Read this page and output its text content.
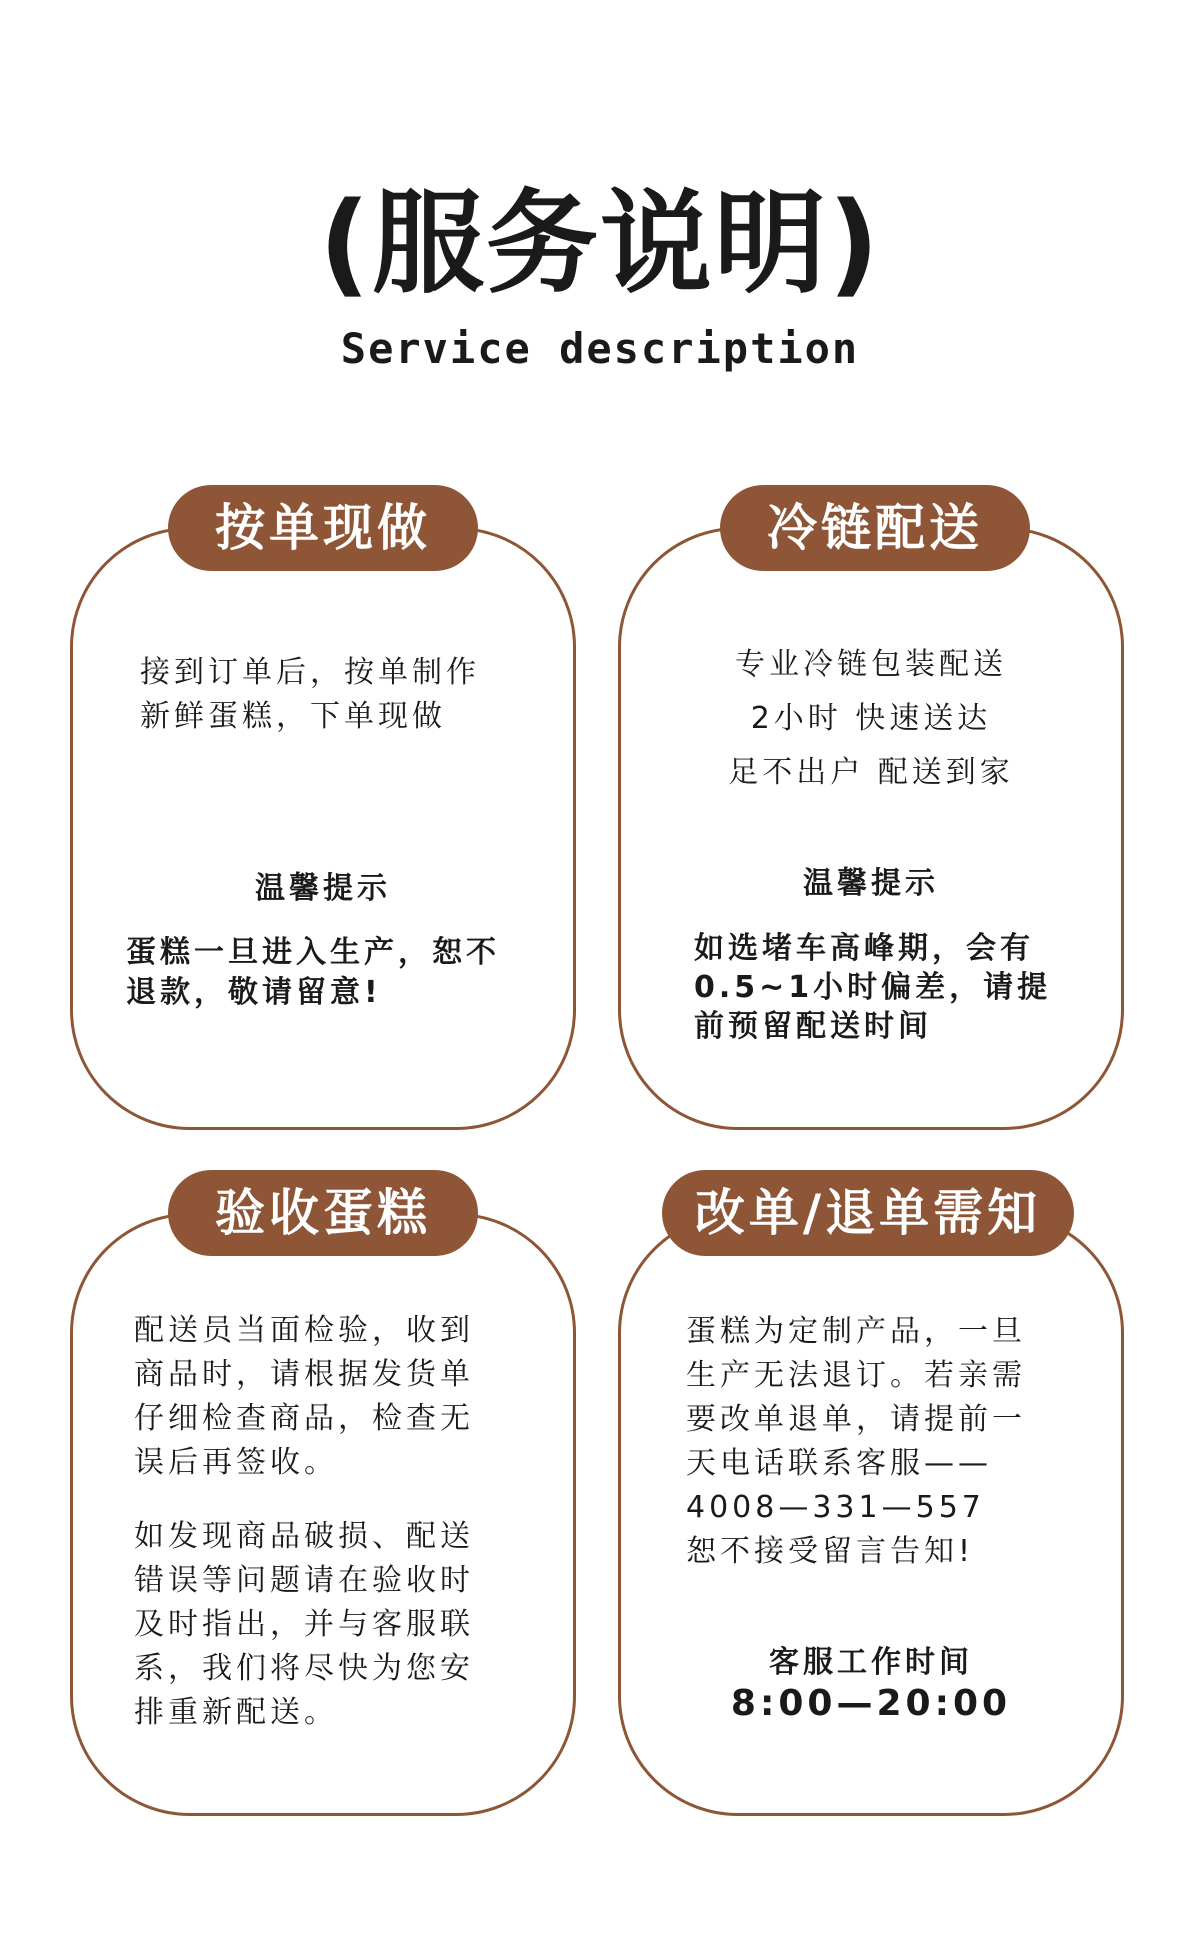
(服务说明)
Service description
按单现做
接到订单后，按单制作
新鲜蛋糕，下单现做
温馨提示
蛋糕一旦进入生产，恕不
退款，敬请留意!
冷链配送
专业冷链包装配送
2小时 快速送达
足不出户 配送到家
温馨提示
如选堵车高峰期，会有
0.5~1小时偏差，请提
前预留配送时间
验收蛋糕
配送员当面检验，收到
商品时，请根据发货单
仔细检查商品，检查无
误后再签收。
如发现商品破损、配送
错误等问题请在验收时
及时指出，并与客服联
系，我们将尽快为您安
排重新配送。
改单/退单需知
蛋糕为定制产品，一旦
生产无法退订。若亲需
要改单退单，请提前一
天电话联系客服——
4008—331—557
恕不接受留言告知!
客服工作时间
8:00—20:00
